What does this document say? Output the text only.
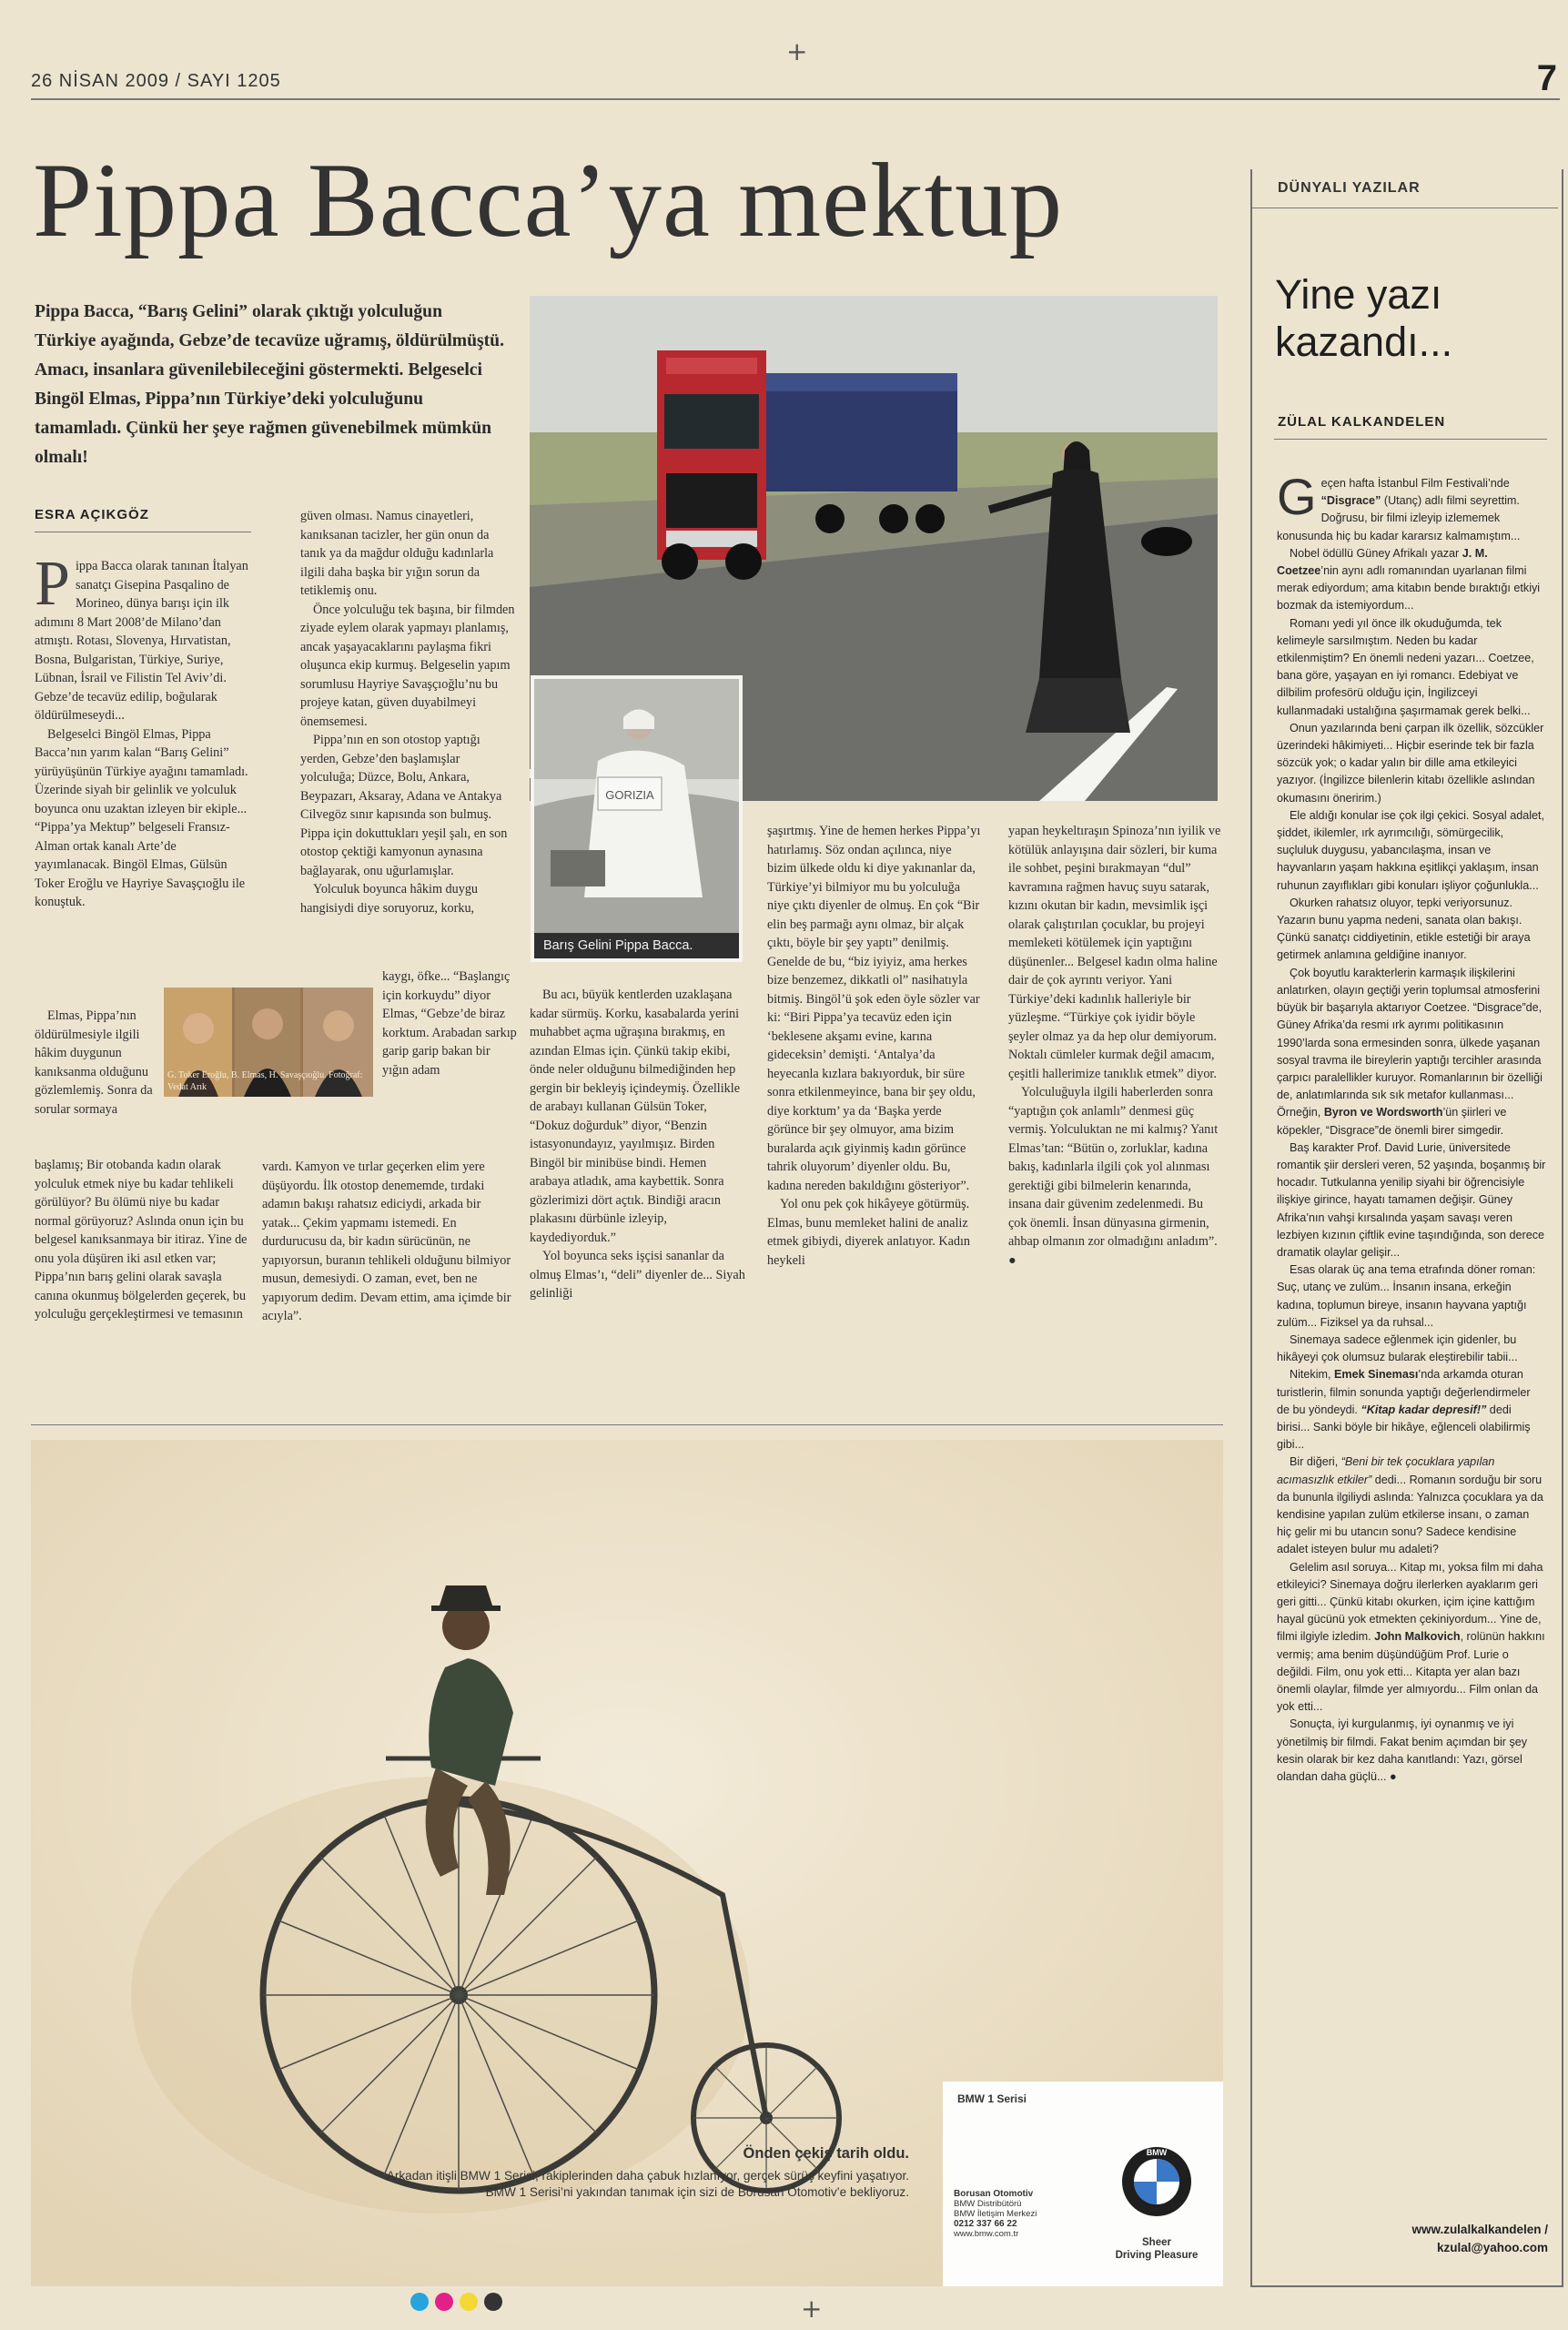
+
+
26 NİSAN 2009 / SAYI 1205	7
Pippa Bacca’ya mektup
Pippa Bacca, “Barış Gelini” olarak çıktığı yolculuğun Türkiye ayağında, Gebze’de tecavüze uğramış, öldürülmüştü. Amacı, insanlara güvenilebileceğini göstermekti. Belgeselci Bingöl Elmas, Pippa’nın Türkiye’deki yolculuğunu tamamladı. Çünkü her şeye rağmen güvenebilmek mümkün olmalı!
ESRA AÇIKGÖZ

Pippa Bacca olarak tanınan İtalyan sanatçı Gisepina Pasqalino de Morineo, dünya barışı için ilk adımını 8 Mart 2008’de Milano’dan atmıştı. Rotası, Slovenya, Hırvatistan, Bosna, Bulgaristan, Türkiye, Suriye, Lübnan, İsrail ve Filistin Tel Aviv’di. Gebze’de tecavüz edilip, boğularak öldürülmeseydi...

Belgeselci Bingöl Elmas, Pippa Bacca’nın yarım kalan “Barış Gelini” yürüyüşünün Türkiye ayağını tamamladı. Üzerinde siyah bir gelinlik ve yolculuk boyunca onu uzaktan izleyen bir ekiple... “Pippa’ya Mektup” belgeseli Fransız-Alman ortak kanalı Arte’de yayımlanacak. Bingöl Elmas, Gülsün Toker Eroğlu ve Hayriye Savaşçıoğlu ile konuştuk.

Elmas, Pippa’nın öldürülmesiyle ilgili hâkim duygunun kanıksanma olduğunu gözlemlemiş. Sonra da sorular sormaya

başlamış; Bir otobanda kadın olarak yolculuk etmek niye bu kadar tehlikeli görülüyor? Bu ölümü niye bu kadar normal görüyoruz? Aslında onun için bu belgesel kanıksanmaya bir itiraz. Yine de onu yola düşüren iki asıl etken var; Pippa’nın barış gelini olarak savaşla canına okunmuş bölgelerden geçerek, bu yolculuğu gerçekleştirmesi ve temasının

G. Toker Eroğlu, B. Elmas, H. Savaşçıoğlu. Fotoğraf: Vedat Arık

güven olması. Namus cinayetleri, kanıksanan tacizler, her gün onun da tanık ya da mağdur olduğu kadınlarla ilgili daha başka bir yığın sorun da tetiklemiş onu.

Önce yolculuğu tek başına, bir filmden ziyade eylem olarak yapmayı planlamış, ancak yaşayacaklarını paylaşma fikri oluşunca ekip kurmuş. Belgeselin yapım sorumlusu Hayriye Savaşçıoğlu’nu bu projeye katan, güven duyabilmeyi önemsemesi.

Pippa’nın en son otostop yaptığı yerden, Gebze’den başlamışlar yolculuğa; Düzce, Bolu, Ankara, Beypazarı, Aksaray, Adana ve Antakya Cilvegöz sınır kapısında son bulmuş. Pippa için dokuttukları yeşil şalı, en son otostop çektiği kamyonun aynasına bağlayarak, onu uğurlamışlar.

Yolculuk boyunca hâkim duygu hangisiydi diye soruyoruz, korku,

kaygı, öfke... “Başlangıç için korkuydu” diyor Elmas, “Gebze’de biraz korktum. Arabadan sarkıp garip garip bakan bir yığın adam

vardı. Kamyon ve tırlar geçerken elim yere düşüyordu. İlk otostop denememde, tırdaki adamın bakışı rahatsız ediciydi, arkada bir yatak... Çekim yapmamı istemedi. En durdurucusu da, bir kadın sürücünün, ne yapıyorsun, buranın tehlikeli olduğunu bilmiyor musun, demesiydi. O zaman, evet, ben ne yapıyorum dedim. Devam ettim, ama içimde bir acıyla”.

GORIZIA
Barış Gelini Pippa Bacca.

Bu acı, büyük kentlerden uzaklaşana kadar sürmüş. Korku, kasabalarda yerini muhabbet açma uğraşına bırakmış, en azından Elmas için. Çünkü takip ekibi, önde neler olduğunu bilmediğinden hep gergin bir bekleyiş içindeymiş. Özellikle de arabayı kullanan Gülsün Toker, “Dokuz doğurduk” diyor, “Benzin istasyonundayız, yayılmışız. Birden Bingöl bir minibüse bindi. Hemen arabaya atladık, ama kaybettik. Sonra gözlerimizi dört açtık. Bindiği aracın plakasını dürbünle izleyip, kaydediyorduk.”

Yol boyunca seks işçisi sananlar da olmuş Elmas’ı, “deli” diyenler de... Siyah gelinliği

şaşırtmış. Yine de hemen herkes Pippa’yı hatırlamış. Söz ondan açılınca, niye bizim ülkede oldu ki diye yakınanlar da, Türkiye’yi bilmiyor mu bu yolculuğa niye çıktı diyenler de olmuş. En çok “Bir elin beş parmağı aynı olmaz, bir alçak çıktı, böyle bir şey yaptı” denilmiş. Genelde de bu, “biz iyiyiz, ama herkes bize benzemez, dikkatli ol” nasihatıyla bitmiş. Bingöl’ü şok eden öyle sözler var ki: “Biri Pippa’ya tecavüz eden için ‘beklesene akşamı evine, karına gideceksin’ demişti. ‘Antalya’da heyecanla kızlara bakıyorduk, bir süre sonra etkilenmeyince, bana bir şey oldu, diye korktum’ ya da ‘Başka yerde görünce bir şey olmuyor, ama bizim buralarda açık giyinmiş kadın görünce tahrik oluyorum’ diyenler oldu. Bu, kadına nereden bakıldığını gösteriyor”.

Yol onu pek çok hikâyeye götürmüş. Elmas, bunu memleket halini de analiz etmek gibiydi, diyerek anlatıyor. Kadın heykeli

yapan heykeltıraşın Spinoza’nın iyilik ve kötülük anlayışına dair sözleri, bir kuma ile sohbet, peşini bırakmayan “dul” kavramına rağmen havuç suyu satarak, kızını okutan bir kadın, mevsimlik işçi olarak çalıştırılan çocuklar, bu projeyi memleketi kötülemek için yaptığını düşünenler... Belgesel kadın olma haline dair de çok ayrıntı veriyor. Yani Türkiye’deki kadınlık halleriyle bir yüzleşme. “Türkiye çok iyidir böyle şeyler olmaz ya da hep olur demiyorum. Noktalı cümleler kurmak değil amacım, çeşitli hallerimize tanıklık etmek” diyor.

Yolculuğuyla ilgili haberlerden sonra “yaptığın çok anlamlı” denmesi güç vermiş. Yolculuktan ne mi kalmış? Yanıt Elmas’tan: “Bütün o, zorluklar, kadına bakış, kadınlarla ilgili çok yol alınması gerektiği gibi bilmelerin kenarında, insana dair güvenim zedelenmedi. Bu çok önemli. İnsan dünyasına girmenin, ahbap olmanın zor olmadığını anladım”. ●

DÜNYALI YAZILAR
Yine yazı
kazandı...
ZÜLAL KALKANDELEN

Geçen hafta İstanbul Film Festivali’nde “Disgrace” (Utanç) adlı filmi seyrettim. Doğrusu, bir filmi izleyip izlememek konusunda hiç bu kadar kararsız kalmamıştım...

Nobel ödüllü Güney Afrikalı yazar J. M. Coetzee’nin aynı adlı romanından uyarlanan filmi merak ediyordum; ama kitabın bende bıraktığı etkiyi bozmak da istemiyordum...

Romanı yedi yıl önce ilk okuduğumda, tek kelimeyle sarsılmıştım. Neden bu kadar etkilenmiştim? En önemli nedeni yazarı... Coetzee, bana göre, yaşayan en iyi romancı. Edebiyat ve dilbilim profesörü olduğu için, İngilizceyi kullanmadaki ustalığına şaşırmamak gerek belki...

Onun yazılarında beni çarpan ilk özellik, sözcükler üzerindeki hâkimiyeti... Hiçbir eserinde tek bir fazla sözcük yok; o kadar yalın bir dille ama etkileyici yazıyor. (İngilizce bilenlerin kitabı özellikle aslından okumasını öneririm.)

Ele aldığı konular ise çok ilgi çekici. Sosyal adalet, şiddet, ikilemler, ırk ayrımcılığı, sömürgecilik, suçluluk duygusu, yabancılaşma, insan ve hayvanların yaşam hakkına eşitlikçi yaklaşım, insan ruhunun zayıflıkları gibi konuları işliyor çoğunlukla...

Okurken rahatsız oluyor, tepki veriyorsunuz. Yazarın bunu yapma nedeni, sanata olan bakışı. Çünkü sanatçı ciddiyetinin, etikle estetiği bir araya getirmek anlamına geldiğine inanıyor.

Çok boyutlu karakterlerin karmaşık ilişkilerini anlatırken, olayın geçtiği yerin toplumsal atmosferini büyük bir başarıyla aktarıyor Coetzee. “Disgrace”de, Güney Afrika’da resmi ırk ayrımı politikasının 1990’larda sona ermesinden sonra, ülkede yaşanan sosyal travma ile bireylerin yaptığı tercihler arasında çarpıcı paralellikler kuruyor. Romanlarının bir özelliği de, anlatımlarında sık sık metafor kullanması... Örneğin, Byron ve Wordsworth’ün şiirleri ve köpekler, “Disgrace”de önemli birer simgedir.

Baş karakter Prof. David Lurie, üniversitede romantik şiir dersleri veren, 52 yaşında, boşanmış bir hocadır. Tutkulanna yenilip siyahi bir öğrencisiyle ilişkiye girince, hayatı tamamen değişir. Güney Afrika’nın vahşi kırsalında yaşam savaşı veren lezbiyen kızının çiftlik evine taşındığında, son derece dramatik olaylar gelişir...

Esas olarak üç ana tema etrafında döner roman: Suç, utanç ve zulüm... İnsanın insana, erkeğin kadına, toplumun bireye, insanın hayvana yaptığı zulüm... Fiziksel ya da ruhsal...

Sinemaya sadece eğlenmek için gidenler, bu hikâyeyi çok olumsuz bularak eleştirebilir tabii...

Nitekim, Emek Sineması’nda arkamda oturan turistlerin, filmin sonunda yaptığı değerlendirmeler de bu yöndeydi. “Kitap kadar depresif!” dedi birisi... Sanki böyle bir hikâye, eğlenceli olabilirmiş gibi...

Bir diğeri, “Beni bir tek çocuklara yapılan acımasızlık etkiler” dedi... Romanın sorduğu bir soru da bununla ilgiliydi aslında: Yalnızca çocuklara ya da kendisine yapılan zulüm etkilerse insanı, o zaman hiç gelir mi bu utancın sonu? Sadece kendisine adalet isteyen bulur mu adaleti?

Gelelim asıl soruya... Kitap mı, yoksa film mi daha etkileyici? Sinemaya doğru ilerlerken ayaklarım geri geri gitti... Çünkü kitabı okurken, içim içine kattığım hayal gücünü yok etmekten çekiniyordum... Yine de, filmi ilgiyle izledim. John Malkovich, rolünün hakkını vermiş; ama benim düşündüğüm Prof. Lurie o değildi. Film, onu yok etti... Kitapta yer alan bazı önemli olaylar, filmde yer almıyordu... Film onlan da yok etti...

Sonuçta, iyi kurgulanmış, iyi oynanmış ve iyi yönetilmiş bir filmdi. Fakat benim açımdan bir şey kesin olarak bir kez daha kanıtlandı: Yazı, görsel olandan daha güçlü... ●

www.zulalkalkandelen /
kzulal@yahoo.com
Önden çekiş tarih oldu.
Arkadan itişli BMW 1 Serisi, rakiplerinden daha çabuk hızlanıyor, gerçek sürüş keyfini yaşatıyor.
BMW 1 Serisi’ni yakından tanımak için sizi de Borusan Otomotiv’e bekliyoruz.
BMW 1 Serisi
Borusan Otomotiv
BMW Distribütörü
BMW İletişim Merkezi
0212 337 66 22
www.bmw.com.tr
BMW
Sheer
Driving Pleasure
